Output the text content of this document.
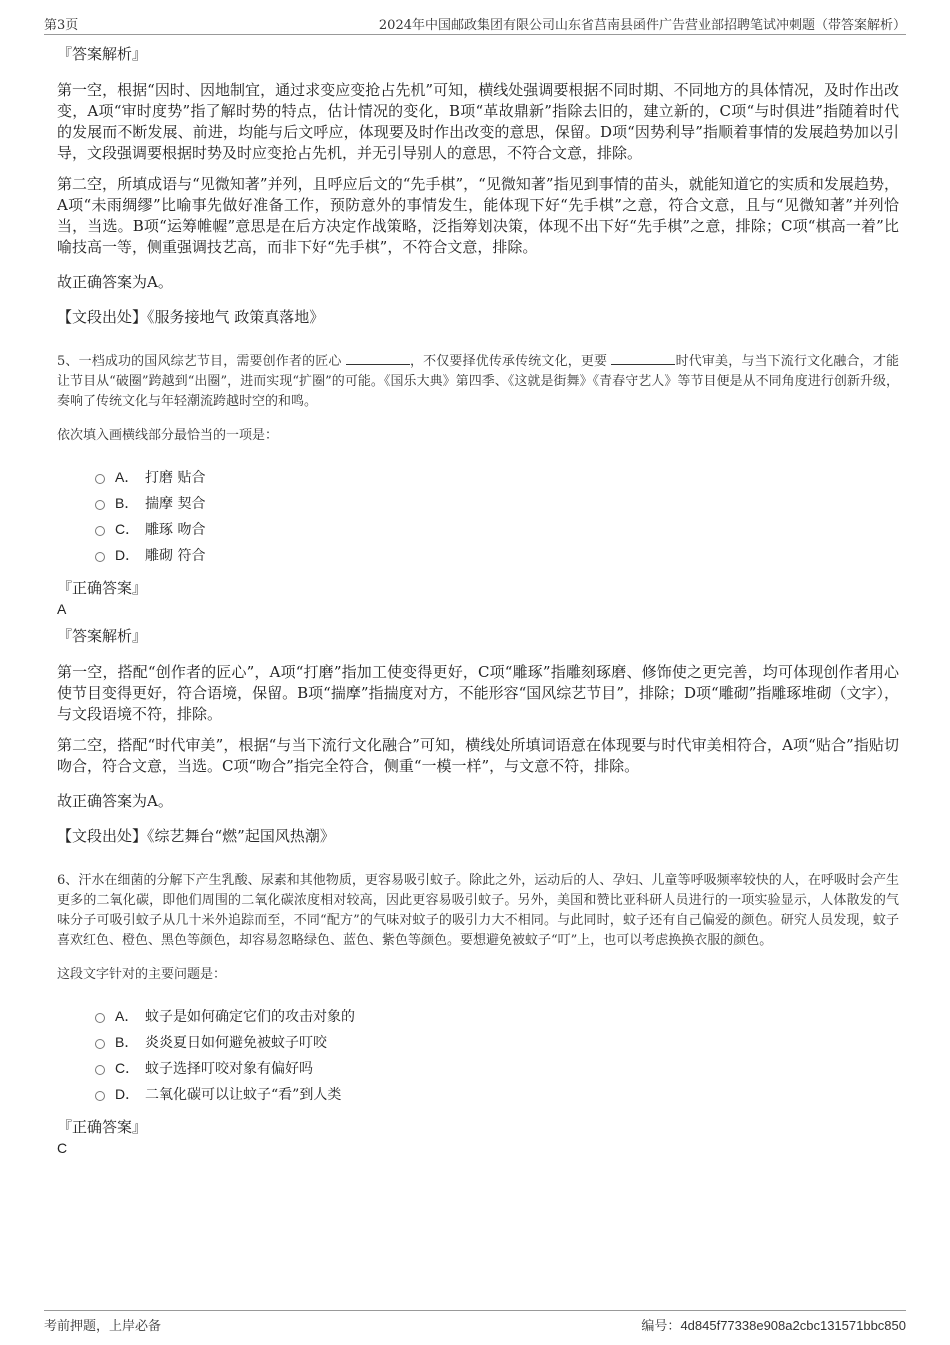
第3页	2024年中国邮政集团有限公司山东省莒南县函件广告营业部招聘笔试冲刺题（带答案解析）
『答案解析』

第一空，根据“因时、因地制宜，通过求变应变抢占先机”可知，横线处强调要根据不同时期、不同地方的具体情况，及时作出改变，A项“审时度势”指了解时势的特点，估计情况的变化，B项“革故鼎新”指除去旧的，建立新的，C项“与时俱进”指随着时代的发展而不断发展、前进，均能与后文呼应，体现要及时作出改变的意思，保留。D项“因势利导”指顺着事情的发展趋势加以引导，文段强调要根据时势及时应变抢占先机，并无引导别人的意思，不符合文意，排除。

第二空，所填成语与“见微知著”并列，且呼应后文的“先手棋”，“见微知著”指见到事情的苗头，就能知道它的实质和发展趋势，A项“未雨绸缪”比喻事先做好准备工作，预防意外的事情发生，能体现下好“先手棋”之意，符合文意，且与“见微知著”并列恰当，当选。B项“运筹帷幄”意思是在后方决定作战策略，泛指筹划决策，体现不出下好“先手棋”之意，排除；C项“棋高一着”比喻技高一等，侧重强调技艺高，而非下好“先手棋”，不符合文意，排除。

故正确答案为A。

【文段出处】《服务接地气 政策真落地》

5、一档成功的国风综艺节目，需要创作者的匠心	，不仅要择优传承传统文化，更要	时代审美，与当下流行文化融合，才能让节目从“破圈”跨越到“出圈”，进而实现“扩圈”的可能。《国乐大典》第四季、《这就是街舞》《青春守艺人》等节目便是从不同角度进行创新升级，奏响了传统文化与年轻潮流跨越时空的和鸣。

依次填入画横线部分最恰当的一项是：

A． 打磨 贴合
B． 揣摩 契合
C． 雕琢 吻合
D． 雕砌 符合
『正确答案』
A
『答案解析』

第一空，搭配“创作者的匠心”，A项“打磨”指加工使变得更好，C项“雕琢”指雕刻琢磨、修饰使之更完善，均可体现创作者用心使节目变得更好，符合语境，保留。B项“揣摩”指揣度对方，不能形容“国风综艺节目”，排除；D项“雕砌”指雕琢堆砌（文字），与文段语境不符，排除。

第二空，搭配“时代审美”，根据“与当下流行文化融合”可知，横线处所填词语意在体现要与时代审美相符合，A项“贴合”指贴切吻合，符合文意，当选。C项“吻合”指完全符合，侧重“一模一样”，与文意不符，排除。

故正确答案为A。

【文段出处】《综艺舞台“燃”起国风热潮》

6、汗水在细菌的分解下产生乳酸、尿素和其他物质，更容易吸引蚊子。除此之外，运动后的人、孕妇、儿童等呼吸频率较快的人，在呼吸时会产生更多的二氧化碳，即他们周围的二氧化碳浓度相对较高，因此更容易吸引蚊子。另外，美国和赞比亚科研人员进行的一项实验显示，人体散发的气味分子可吸引蚊子从几十米外追踪而至，不同“配方”的气味对蚊子的吸引力大不相同。与此同时，蚊子还有自己偏爱的颜色。研究人员发现，蚊子喜欢红色、橙色、黑色等颜色，却容易忽略绿色、蓝色、紫色等颜色。要想避免被蚊子“叮”上，也可以考虑换换衣服的颜色。

这段文字针对的主要问题是：

A． 蚊子是如何确定它们的攻击对象的
B． 炎炎夏日如何避免被蚊子叮咬
C． 蚊子选择叮咬对象有偏好吗
D． 二氧化碳可以让蚊子“看”到人类
『正确答案』
C
考前押题，上岸必备	编号：4d845f77338e908a2cbc131571bbc850
